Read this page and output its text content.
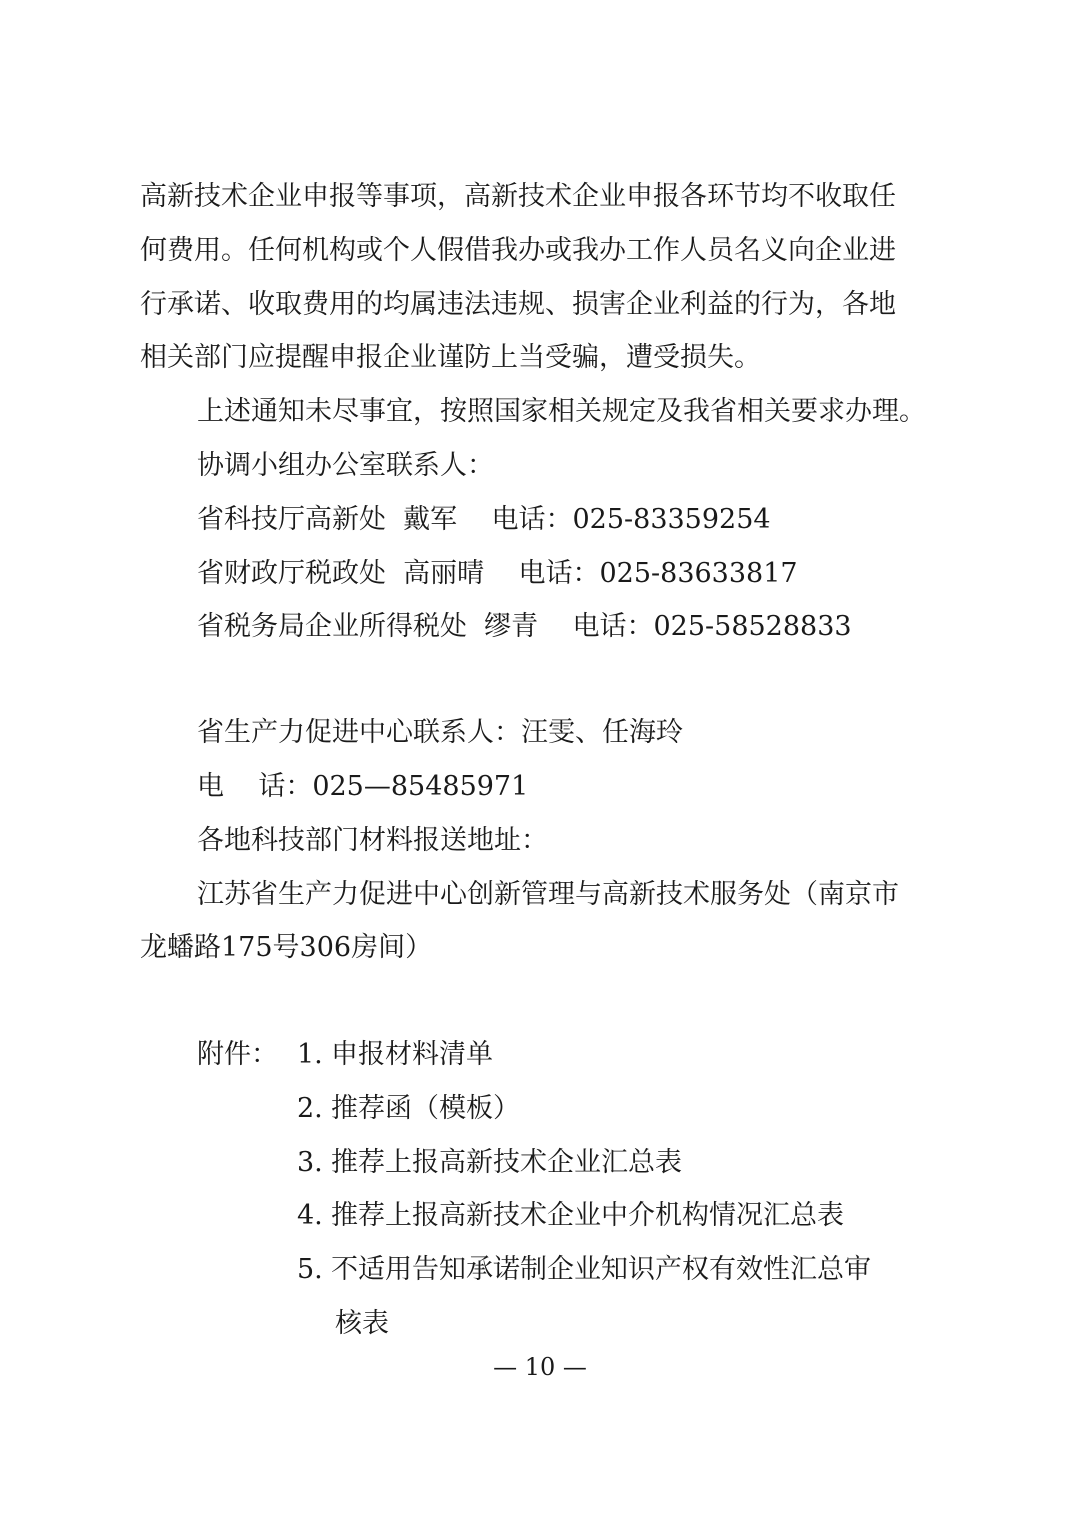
高新技术企业申报等事项，高新技术企业申报各环节均不收取任
何费用。任何机构或个人假借我办或我办工作人员名义向企业进
行承诺、收取费用的均属违法违规、损害企业利益的行为，各地
相关部门应提醒申报企业谨防上当受骗，遭受损失。
上述通知未尽事宜，按照国家相关规定及我省相关要求办理。
协调小组办公室联系人：
省科技厅高新处  戴军    电话：025-83359254
省财政厅税政处  高丽晴    电话：025-83633817
省税务局企业所得税处  缪青    电话：025-58528833
省生产力促进中心联系人：汪雯、任海玲
电    话：025—85485971
各地科技部门材料报送地址：
江苏省生产力促进中心创新管理与高新技术服务处（南京市
龙蟠路175号306房间）
附件： 1. 申报材料清单
2. 推荐函（模板）
3. 推荐上报高新技术企业汇总表
4. 推荐上报高新技术企业中介机构情况汇总表
5. 不适用告知承诺制企业知识产权有效性汇总审
核表
— 10 —
